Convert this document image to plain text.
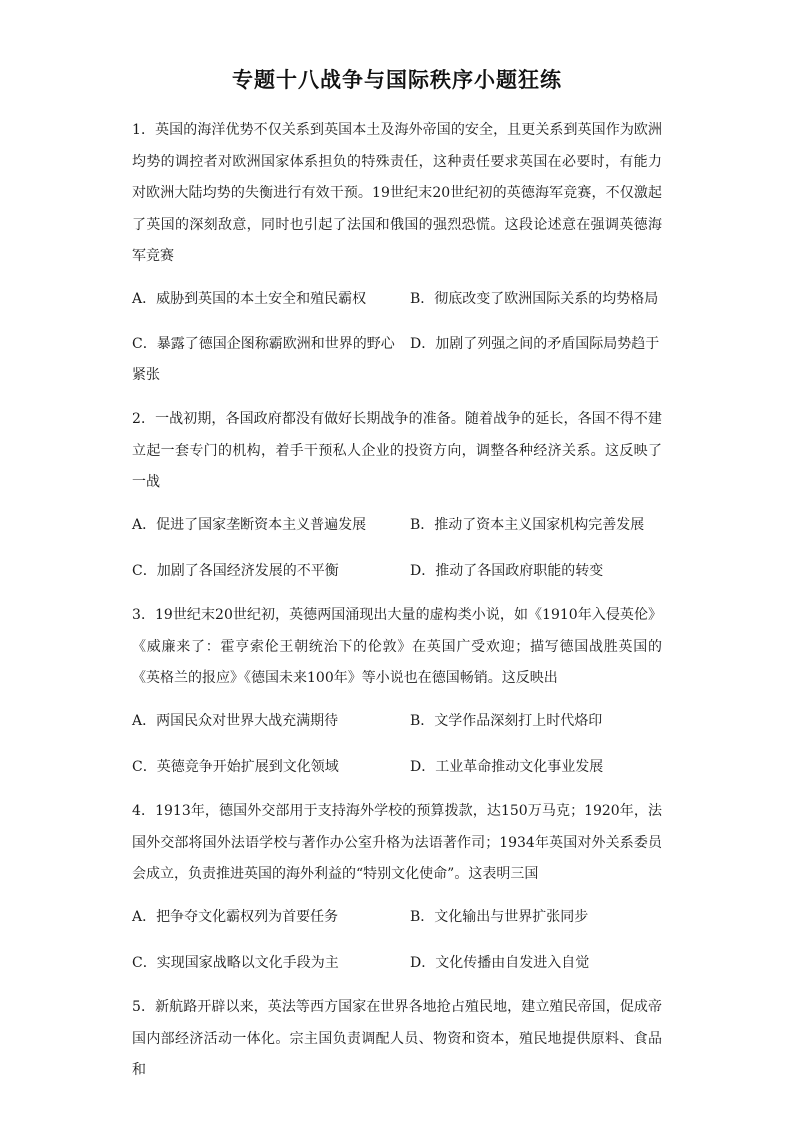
专题十八战争与国际秩序小题狂练
1．英国的海洋优势不仅关系到英国本土及海外帝国的安全，且更关系到英国作为欧洲均势的调控者对欧洲国家体系担负的特殊责任，这种责任要求英国在必要时，有能力对欧洲大陆均势的失衡进行有效干预。19世纪末20世纪初的英德海军竞赛，不仅激起了英国的深刻敌意，同时也引起了法国和俄国的强烈恐慌。这段论述意在强调英德海军竞赛
A．威胁到英国的本土安全和殖民霸权	B．彻底改变了欧洲国际关系的均势格局
C．暴露了德国企图称霸欧洲和世界的野心 D．加剧了列强之间的矛盾国际局势趋于
紧张
2．一战初期，各国政府都没有做好长期战争的准备。随着战争的延长，各国不得不建立起一套专门的机构，着手干预私人企业的投资方向，调整各种经济关系。这反映了一战
A．促进了国家垄断资本主义普遍发展	B．推动了资本主义国家机构完善发展
C．加剧了各国经济发展的不平衡	D．推动了各国政府职能的转变
3．19世纪末20世纪初，英德两国涌现出大量的虚构类小说，如《1910年入侵英伦》《威廉来了：霍亨索伦王朝统治下的伦敦》在英国广受欢迎；描写德国战胜英国的《英格兰的报应》《德国未来100年》等小说也在德国畅销。这反映出
A．两国民众对世界大战充满期待	B．文学作品深刻打上时代烙印
C．英德竞争开始扩展到文化领域	D．工业革命推动文化事业发展
4．1913年，德国外交部用于支持海外学校的预算拨款，达150万马克；1920年，法国外交部将国外法语学校与著作办公室升格为法语著作司；1934年英国对外关系委员会成立，负责推进英国的海外利益的“特别文化使命”。这表明三国
A．把争夺文化霸权列为首要任务	B．文化输出与世界扩张同步
C．实现国家战略以文化手段为主	D．文化传播由自发进入自觉
5．新航路开辟以来，英法等西方国家在世界各地抢占殖民地，建立殖民帝国，促成帝国内部经济活动一体化。宗主国负责调配人员、物资和资本，殖民地提供原料、食品和
